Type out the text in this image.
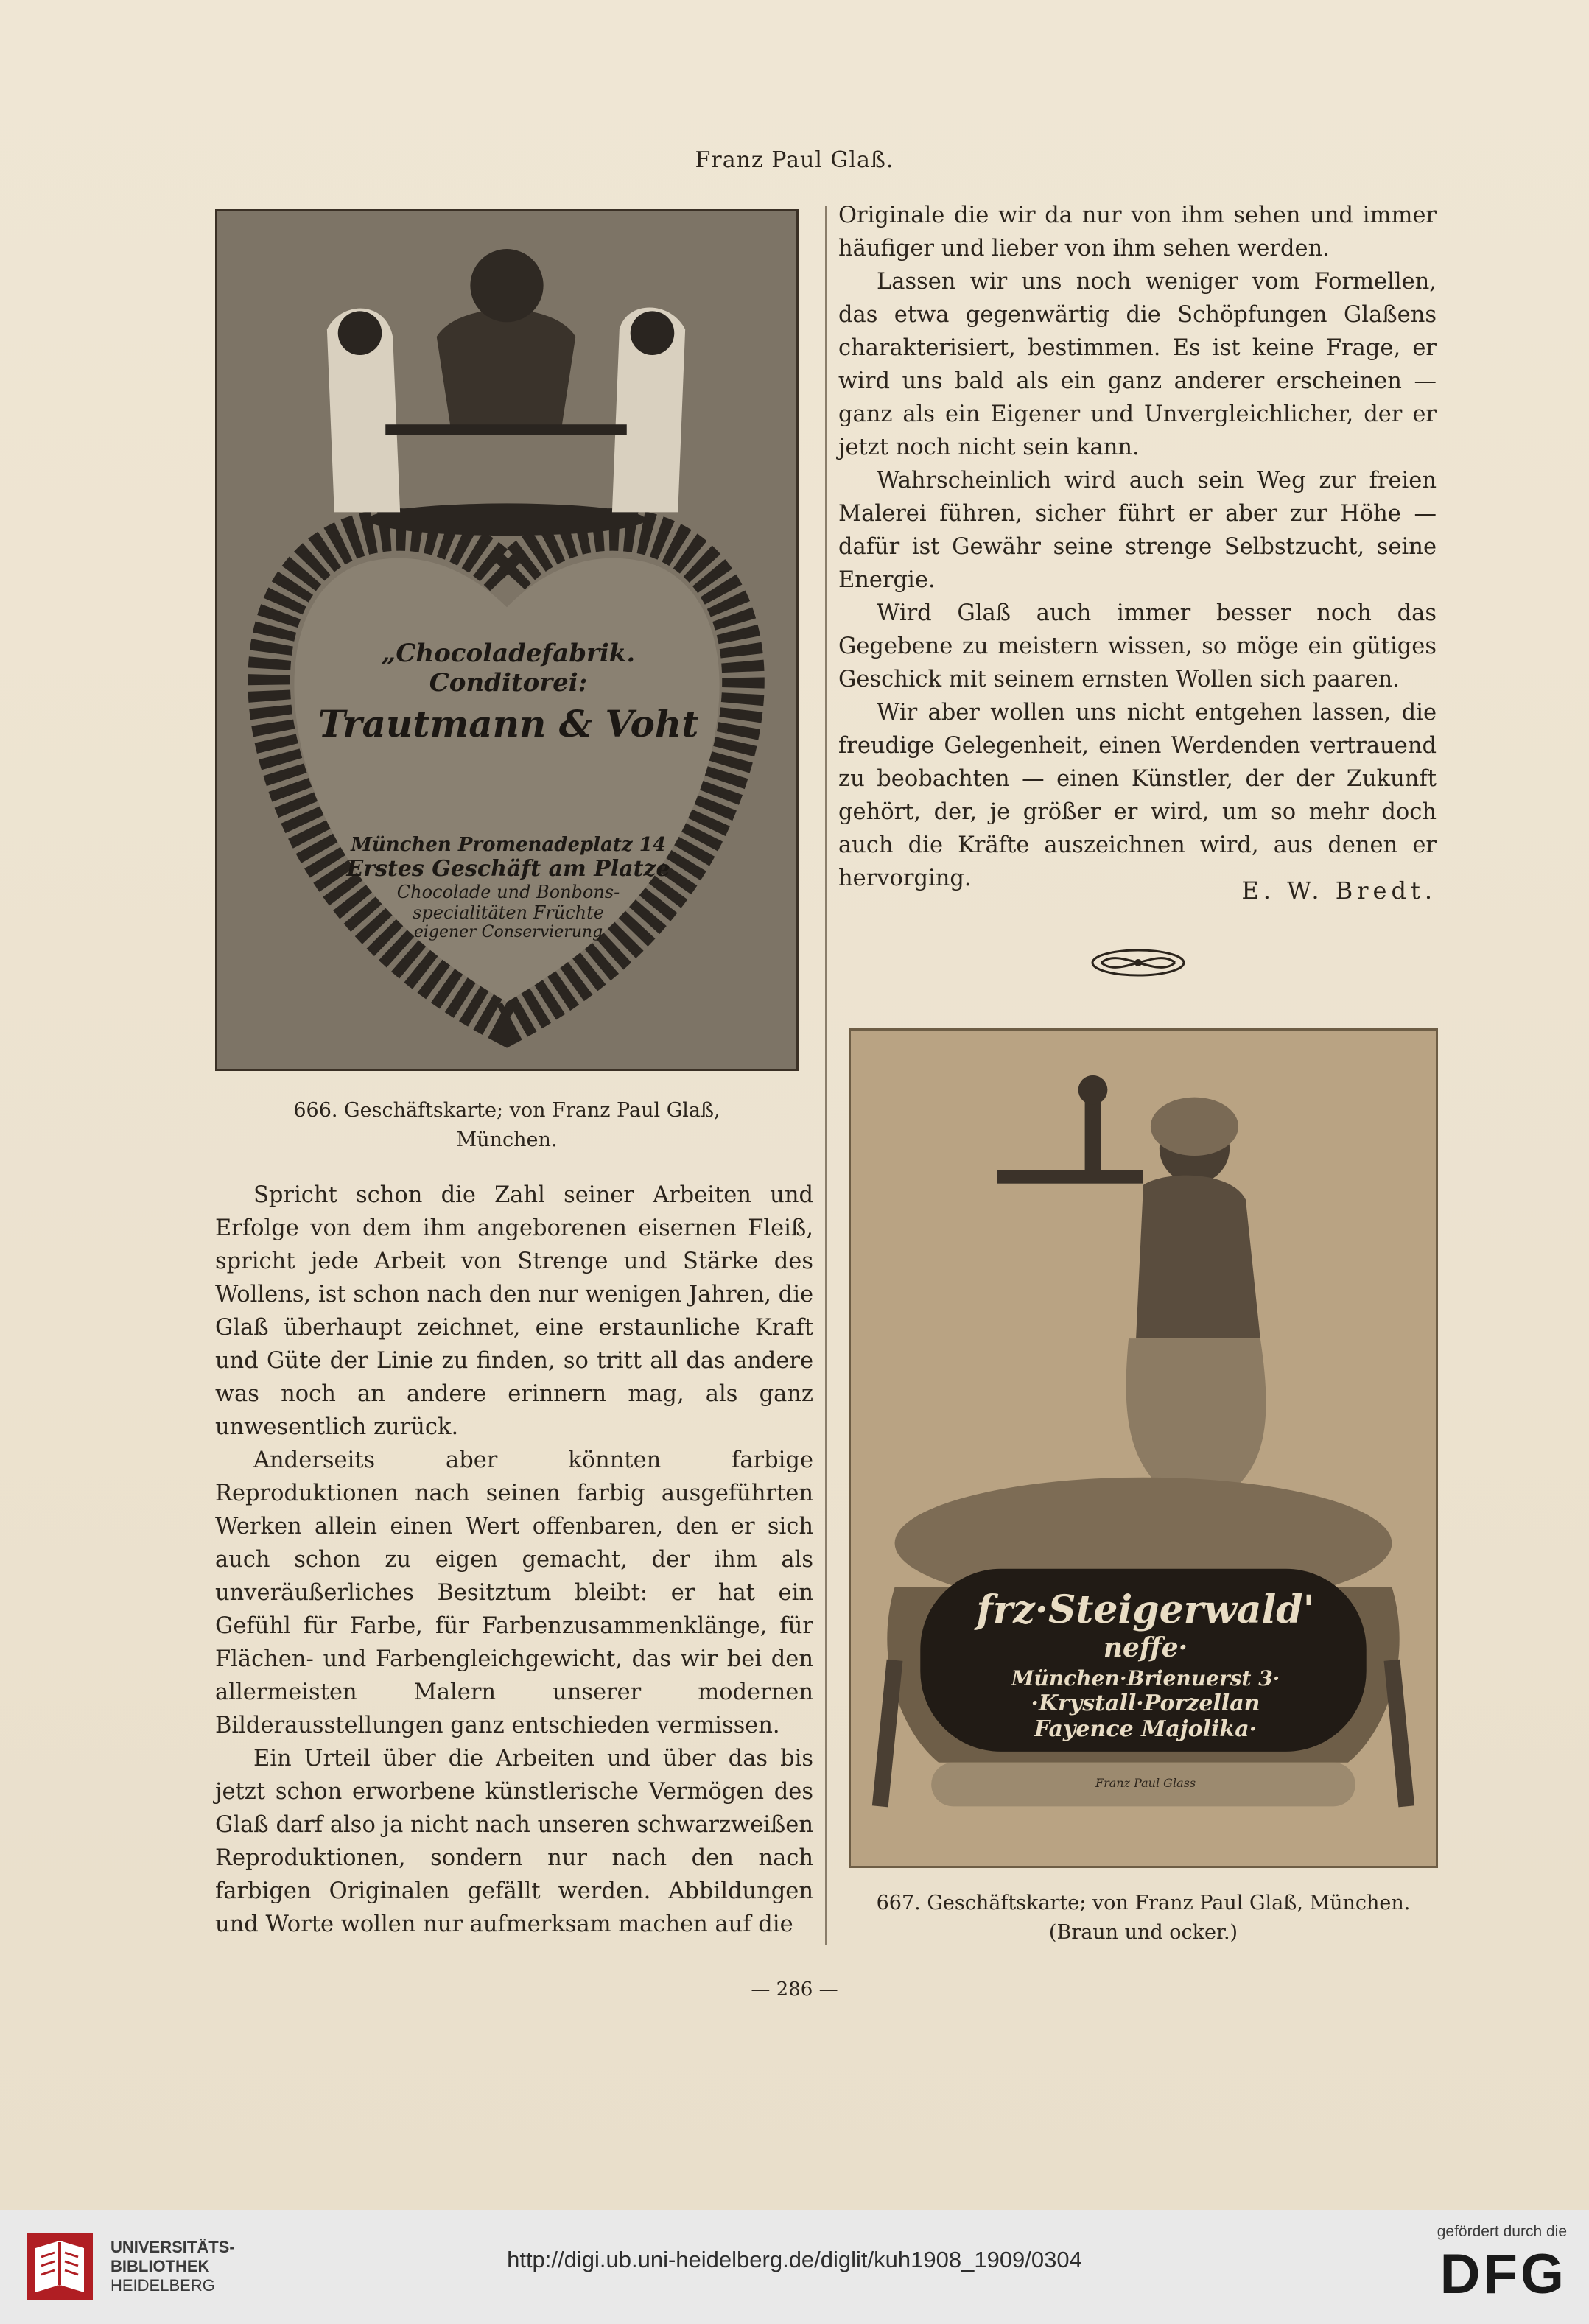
Franz Paul Glaß.
„Chocoladefabrik.
Conditorei:
Trautmann & Voht
München Promenadeplatz 14
Erstes Geschäft am Platze
Chocolade und Bonbons-
specialitäten Früchte
eigener Conservierung
666. Geschäftskarte; von Franz Paul Glaß,
München.

Originale die wir da nur von ihm sehen und immer häufiger und lieber von ihm sehen werden.

Lassen wir uns noch weniger vom Formellen, das etwa gegenwärtig die Schöpfungen Glaßens charakterisiert, bestimmen. Es ist keine Frage, er wird uns bald als ein ganz anderer erscheinen — ganz als ein Eigener und Unvergleichlicher, der er jetzt noch nicht sein kann.

Wahrscheinlich wird auch sein Weg zur freien Malerei führen, sicher führt er aber zur Höhe — dafür ist Gewähr seine strenge Selbstzucht, seine Energie.

Wird Glaß auch immer besser noch das Gegebene zu meistern wissen, so möge ein gütiges Geschick mit seinem ernsten Wollen sich paaren.

Wir aber wollen uns nicht entgehen lassen, die freudige Gelegenheit, einen Werdenden vertrauend zu beobachten — einen Künstler, der der Zukunft gehört, der, je größer er wird, um so mehr doch auch die Kräfte auszeichnen wird, aus denen er hervorging.	E. W. Bredt.
frz·Steigerwald'
neffe·
München·Brienuerst 3·
·Krystall·Porzellan
Fayence Majolika·
Franz Paul Glass
667. Geschäftskarte; von Franz Paul Glaß, München.
(Braun und ocker.)

Spricht schon die Zahl seiner Arbeiten und Erfolge von dem ihm angeborenen eisernen Fleiß, spricht jede Arbeit von Strenge und Stärke des Wollens, ist schon nach den nur wenigen Jahren, die Glaß überhaupt zeichnet, eine erstaunliche Kraft und Güte der Linie zu finden, so tritt all das andere was noch an andere erinnern mag, als ganz unwesentlich zurück.

Anderseits aber könnten farbige Reproduktionen nach seinen farbig ausgeführten Werken allein einen Wert offenbaren, den er sich auch schon zu eigen gemacht, der ihm als unveräußerliches Besitztum bleibt: er hat ein Gefühl für Farbe, für Farbenzusammenklänge, für Flächen- und Farbengleichgewicht, das wir bei den allermeisten Malern unserer modernen Bilderausstellungen ganz entschieden vermissen.

Ein Urteil über die Arbeiten und über das bis jetzt schon erworbene künstlerische Vermögen des Glaß darf also ja nicht nach unseren schwarzweißen Reproduktionen, sondern nur nach den nach farbigen Originalen gefällt werden. Abbildungen und Worte wollen nur aufmerksam machen auf die

— 286 —
UNIVERSITÄTS-
BIBLIOTHEK
HEIDELBERG
http://digi.ub.uni-heidelberg.de/diglit/kuh1908_1909/0304
gefördert durch die
DFG
